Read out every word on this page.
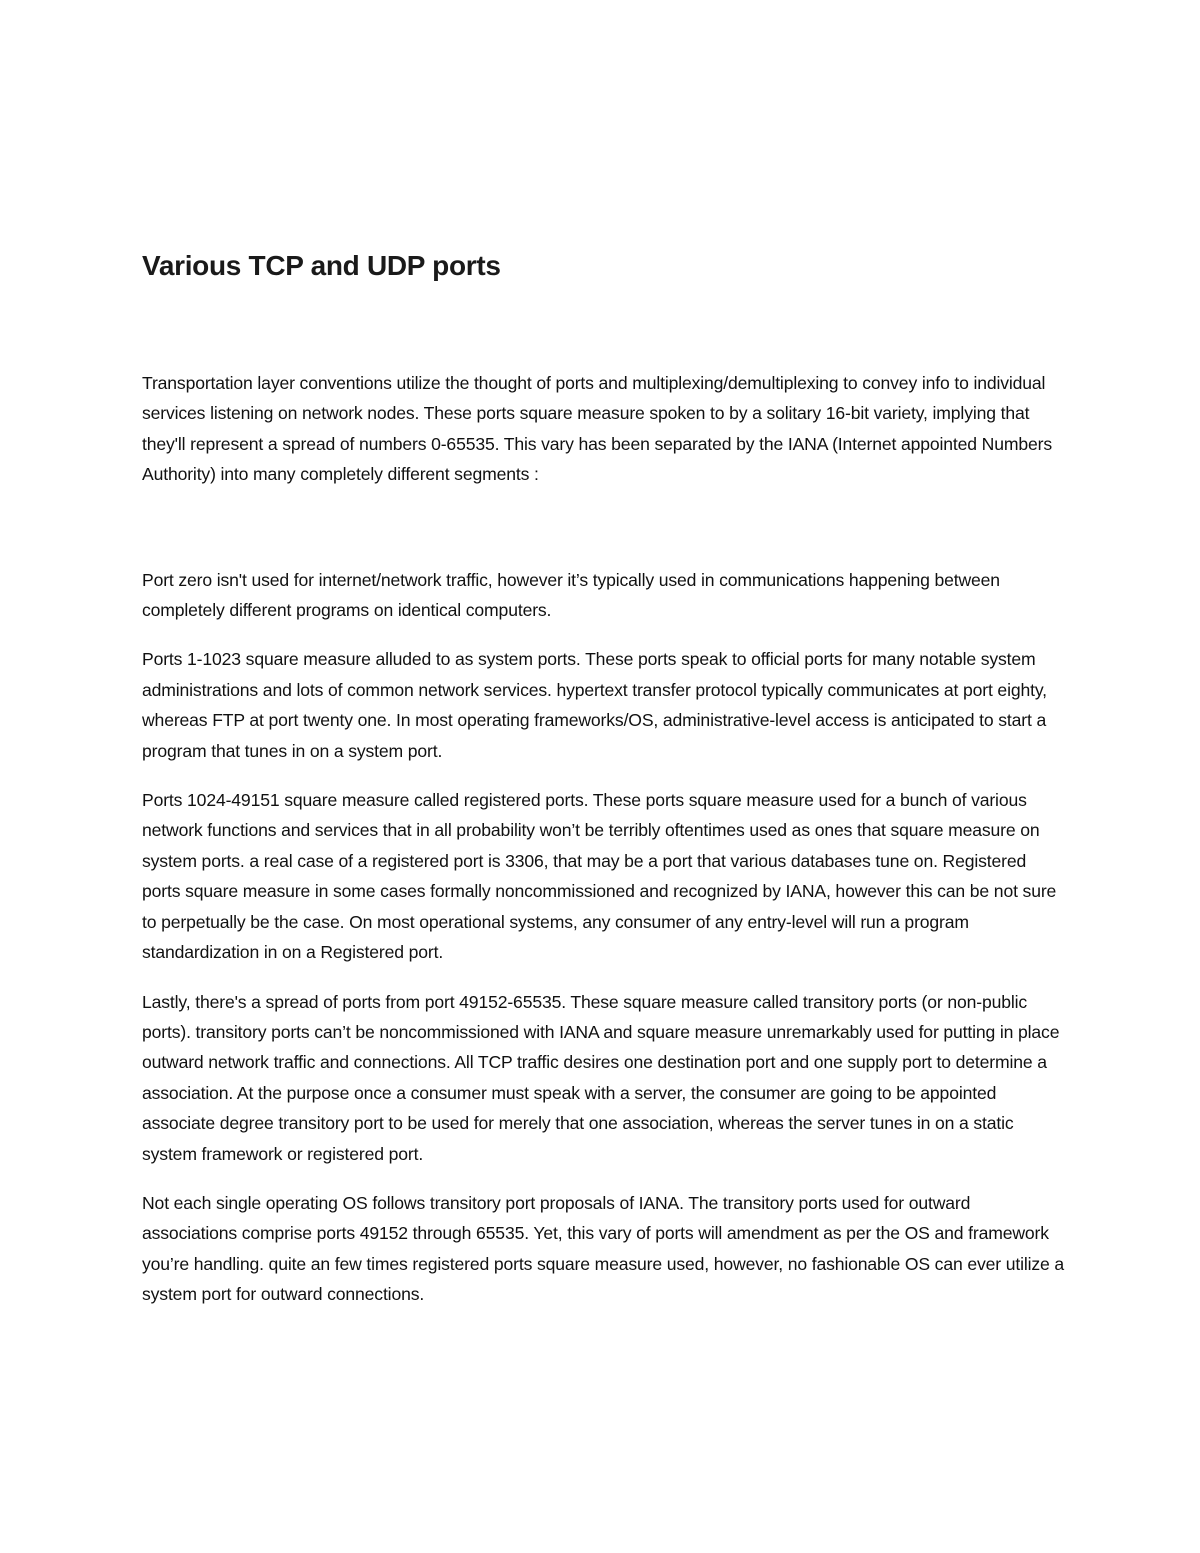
Various TCP and UDP ports

Transportation layer conventions utilize the thought of ports and multiplexing/demultiplexing to convey info to individual services listening on network nodes. These ports square measure spoken to by a solitary 16-bit variety, implying that they'll represent a spread of numbers 0-65535. This vary has been separated by the IANA (Internet appointed Numbers Authority) into many completely different segments :

Port zero isn't used for internet/network traffic, however it’s typically used in communications happening between completely different programs on identical computers.

Ports 1-1023 square measure alluded to as system ports. These ports speak to official ports for many notable system administrations and lots of common network services. hypertext transfer protocol typically communicates at port eighty, whereas FTP at port twenty one. In most operating frameworks/OS, administrative-level access is anticipated to start a program that tunes in on a system port.

Ports 1024-49151 square measure called registered ports. These ports square measure used for a bunch of various network functions and services that in all probability won’t be terribly oftentimes used as ones that square measure on system ports. a real case of a registered port is 3306, that may be a port that various databases tune on. Registered ports square measure in some cases formally noncommissioned and recognized by IANA, however this can be not sure to perpetually be the case. On most operational systems, any consumer of any entry-level will run a program standardization in on a Registered port.

Lastly, there's a spread of ports from port 49152-65535. These square measure called transitory ports (or non-public ports). transitory ports can’t be noncommissioned with IANA and square measure unremarkably used for putting in place outward network traffic and connections. All TCP traffic desires one destination port and one supply port to determine a association. At the purpose once a consumer must speak with a server, the consumer are going to be appointed associate degree transitory port to be used for merely that one association, whereas the server tunes in on a static system framework or registered port.

Not each single operating OS follows transitory port proposals of IANA. The transitory ports used for outward associations comprise ports 49152 through 65535. Yet, this vary of ports will amendment as per the OS and framework you’re handling. quite an few times registered ports square measure used, however, no fashionable OS can ever utilize a system port for outward connections.
